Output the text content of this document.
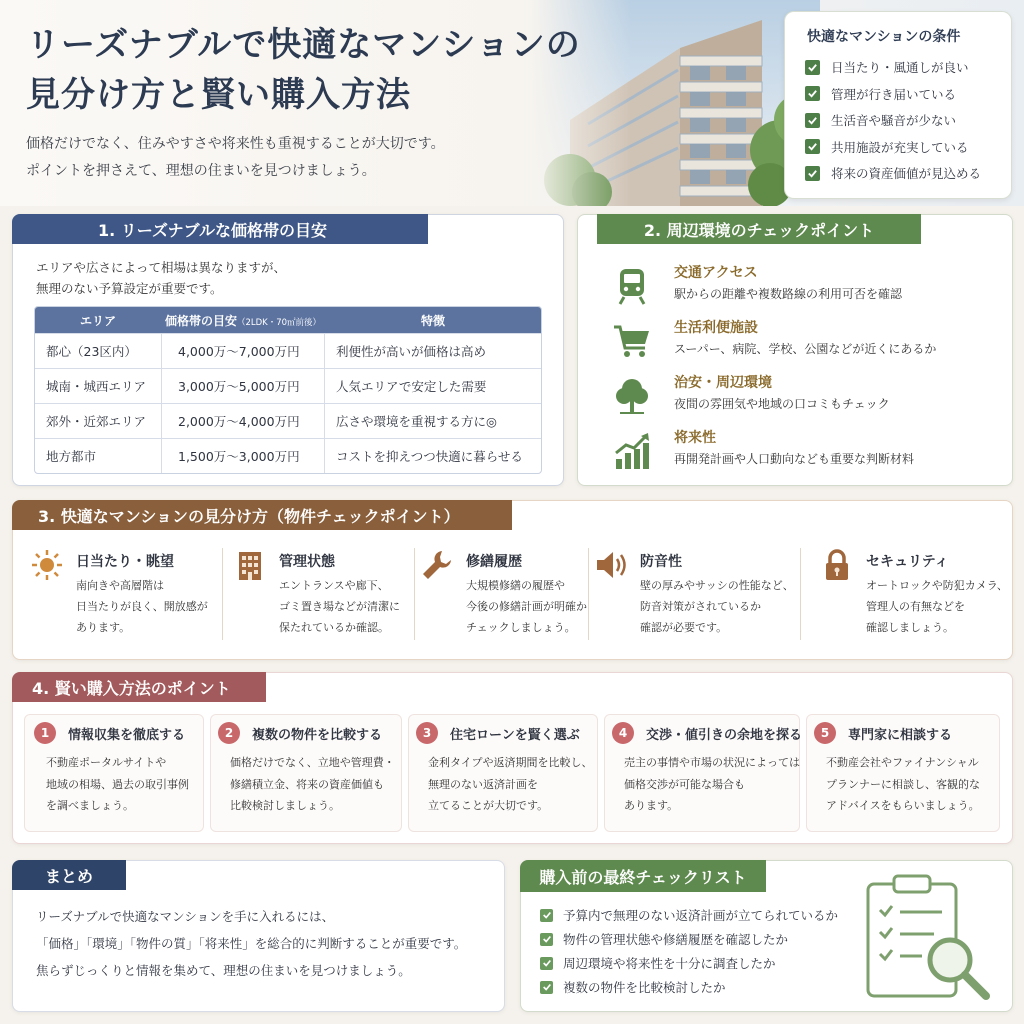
リーズナブルで快適なマンションの
見分け方と賢い購入方法
価格だけでなく、住みやすさや将来性も重視することが大切です。
ポイントを押さえて、理想の住まいを見つけましょう。
快適なマンションの条件
日当たり・風通しが良い
管理が行き届いている
生活音や騒音が少ない
共用施設が充実している
将来の資産価値が見込める
1. リーズナブルな価格帯の目安
エリアや広さによって相場は異なりますが、
無理のない予算設定が重要です。
エリア	価格帯の目安（2LDK・70㎡前後）	特徴
都心（23区内）	4,000万～7,000万円	利便性が高いが価格は高め
城南・城西エリア	3,000万～5,000万円	人気エリアで安定した需要
郊外・近郊エリア	2,000万～4,000万円	広さや環境を重視する方に◎
地方都市	1,500万～3,000万円	コストを抑えつつ快適に暮らせる
2. 周辺環境のチェックポイント
交通アクセス
駅からの距離や複数路線の利用可否を確認
生活利便施設
スーパー、病院、学校、公園などが近くにあるか
治安・周辺環境
夜間の雰囲気や地域の口コミもチェック
将来性
再開発計画や人口動向なども重要な判断材料
3. 快適なマンションの見分け方（物件チェックポイント）
日当たり・眺望
南向きや高層階は
日当たりが良く、開放感が
あります。
管理状態
エントランスや廊下、
ゴミ置き場などが清潔に
保たれているか確認。
修繕履歴
大規模修繕の履歴や
今後の修繕計画が明確か
チェックしましょう。
防音性
壁の厚みやサッシの性能など、
防音対策がされているか
確認が必要です。
セキュリティ
オートロックや防犯カメラ、
管理人の有無などを
確認しましょう。
4. 賢い購入方法のポイント
1	情報収集を徹底する
不動産ポータルサイトや
地域の相場、過去の取引事例
を調べましょう。
2	複数の物件を比較する
価格だけでなく、立地や管理費・
修繕積立金、将来の資産価値も
比較検討しましょう。
3	住宅ローンを賢く選ぶ
金利タイプや返済期間を比較し、
無理のない返済計画を
立てることが大切です。
4	交渉・値引きの余地を探る
売主の事情や市場の状況によっては
価格交渉が可能な場合も
あります。
5	専門家に相談する
不動産会社やファイナンシャル
プランナーに相談し、客観的な
アドバイスをもらいましょう。
まとめ
リーズナブルで快適なマンションを手に入れるには、
「価格」「環境」「物件の質」「将来性」を総合的に判断することが重要です。
焦らずじっくりと情報を集めて、理想の住まいを見つけましょう。
購入前の最終チェックリスト
予算内で無理のない返済計画が立てられているか
物件の管理状態や修繕履歴を確認したか
周辺環境や将来性を十分に調査したか
複数の物件を比較検討したか
